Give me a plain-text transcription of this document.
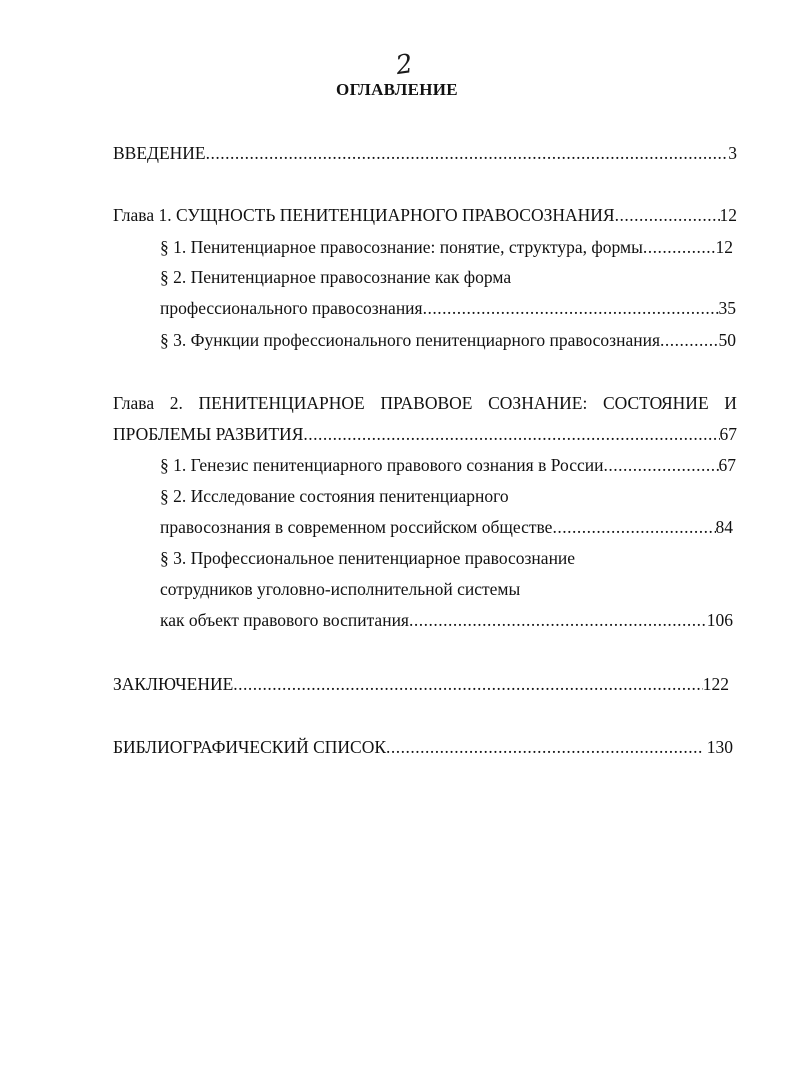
2
ОГЛАВЛЕНИЕ
ВВЕДЕНИЕ .....	3
Глава 1. СУЩНОСТЬ ПЕНИТЕНЦИАРНОГО ПРАВОСОЗНАНИЯ .....	12
§ 1. Пенитенциарное правосознание: понятие, структура, формы .....	12
§ 2. Пенитенциарное правосознание как форма
профессионального правосознания .....	35
§ 3. Функции профессионального пенитенциарного правосознания .....	50
Глава 2. ПЕНИТЕНЦИАРНОЕ ПРАВОВОЕ СОЗНАНИЕ: СОСТОЯНИЕ И
ПРОБЛЕМЫ РАЗВИТИЯ .....	67
§ 1. Генезис пенитенциарного правового сознания в России .....	67
§ 2. Исследование состояния пенитенциарного
правосознания в современном российском обществе .....	84
§ 3. Профессиональное пенитенциарное правосознание
сотрудников уголовно-исполнительной системы
как объект правового воспитания .....	106
ЗАКЛЮЧЕНИЕ .....	122
БИБЛИОГРАФИЧЕСКИЙ СПИСОК .....	130
